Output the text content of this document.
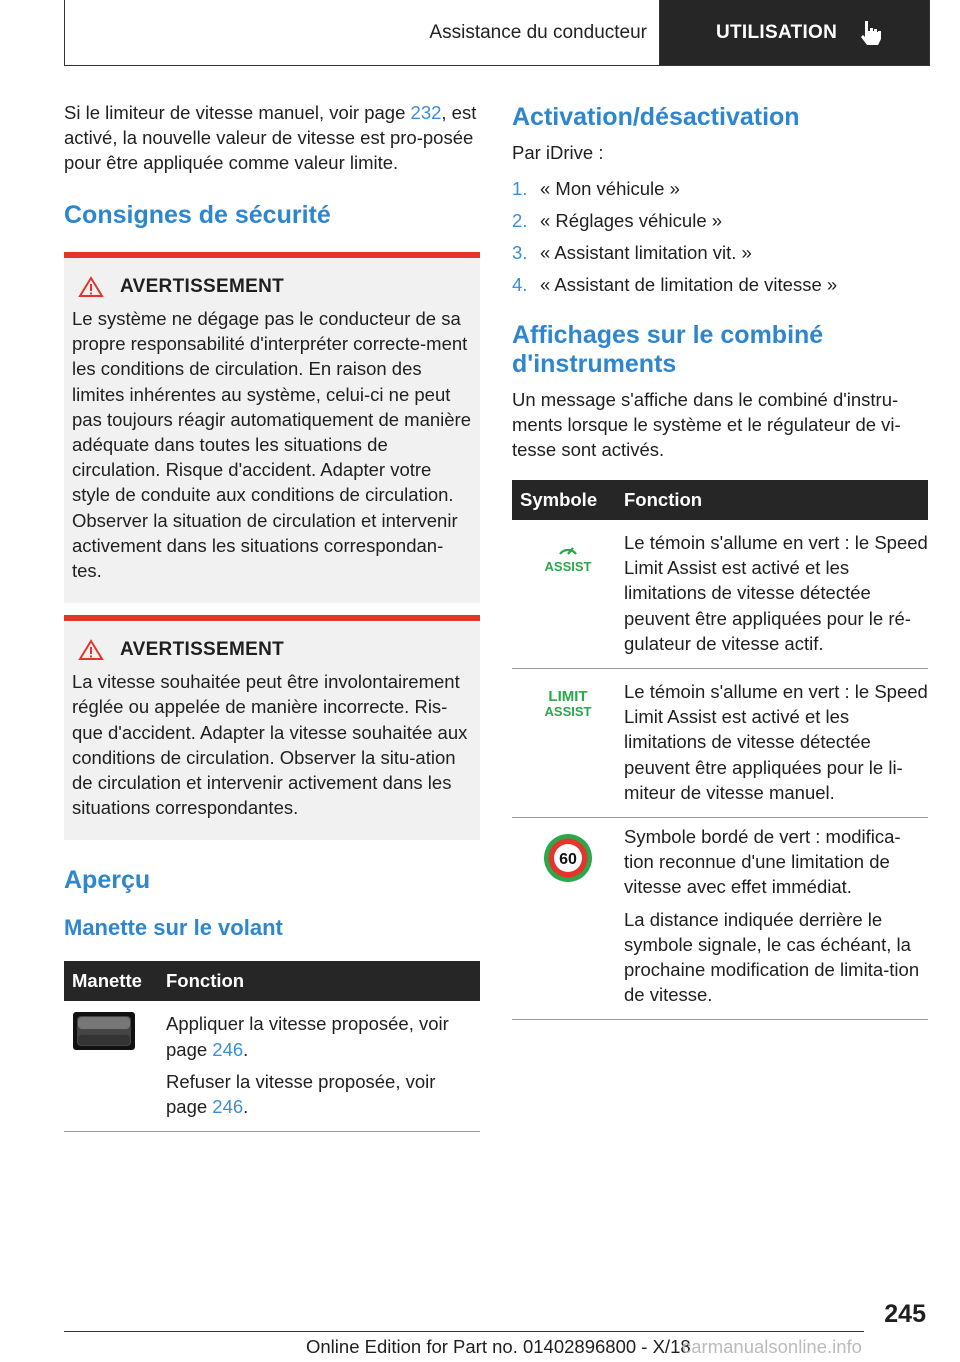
Assistance du conducteur	UTILISATION

Si le limiteur de vitesse manuel, voir page 232, est activé, la nouvelle valeur de vitesse est pro-posée pour être appliquée comme valeur limite.

Consignes de sécurité
AVERTISSEMENT

Le système ne dégage pas le conducteur de sa propre responsabilité d'interpréter correcte-ment les conditions de circulation. En raison des limites inhérentes au système, celui-ci ne peut pas toujours réagir automatiquement de manière adéquate dans toutes les situations de circulation. Risque d'accident. Adapter votre style de conduite aux conditions de circulation. Observer la situation de circulation et intervenir activement dans les situations correspondan-tes.

AVERTISSEMENT

La vitesse souhaitée peut être involontairement réglée ou appelée de manière incorrecte. Ris-que d'accident. Adapter la vitesse souhaitée aux conditions de circulation. Observer la situ-ation de circulation et intervenir activement dans les situations correspondantes.

Aperçu
Manette sur le volant
Manette	Fonction

Appliquer la vitesse proposée, voir page 246.

Refuser la vitesse proposée, voir page 246.

Activation/désactivation

Par iDrive :

1. « Mon véhicule »
2. « Réglages véhicule »
3. « Assistant limitation vit. »
4. « Assistant de limitation de vitesse »
Affichages sur le combiné d'instruments

Un message s'affiche dans le combiné d'instru-ments lorsque le système et le régulateur de vi-tesse sont activés.

Symbole	Fonction

ASSIST	Le témoin s'allume en vert : le Speed Limit Assist est activé et les limitations de vitesse détectée peuvent être appliquées pour le ré-gulateur de vitesse actif.

LIMIT
ASSIST	Le témoin s'allume en vert : le Speed Limit Assist est activé et les limitations de vitesse détectée peuvent être appliquées pour le li-miteur de vitesse manuel.

60	Symbole bordé de vert : modifica-tion reconnue d'une limitation de vitesse avec effet immédiat.

La distance indiquée derrière le symbole signale, le cas échéant, la prochaine modification de limita-tion de vitesse.

245
Online Edition for Part no. 01402896800 - X/18
carmanualsonline.info
